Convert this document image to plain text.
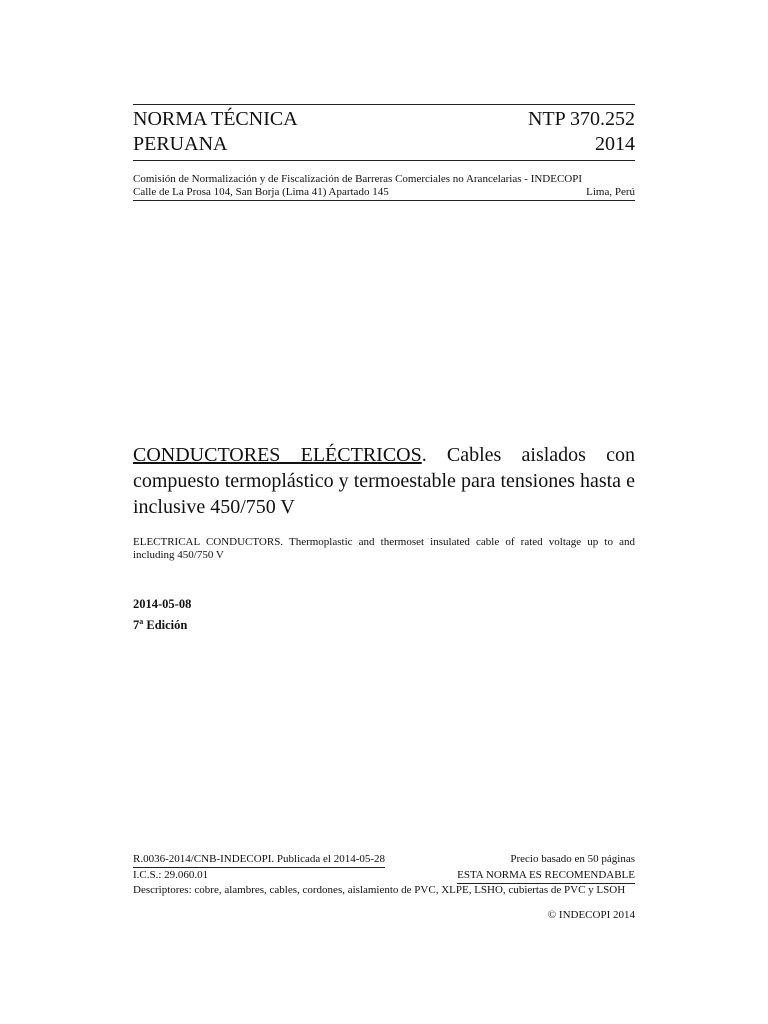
NORMA TÉCNICA	NTP 370.252
PERUANA	2014
Comisión de Normalización y de Fiscalización de Barreras Comerciales no Arancelarias - INDECOPI
Calle de La Prosa 104, San Borja (Lima 41) Apartado 145	Lima, Perú
CONDUCTORES ELÉCTRICOS. Cables aislados con compuesto termoplástico y termoestable para tensiones hasta e inclusive 450/750 V
ELECTRICAL CONDUCTORS. Thermoplastic and thermoset insulated cable of rated voltage up to and including 450/750 V
2014-05-08
7$^a$ Edición
R.0036-2014/CNB-INDECOPI. Publicada el 2014-05-28	Precio basado en 50 páginas
I.C.S.: 29.060.01	ESTA NORMA ES RECOMENDABLE
Descriptores: cobre, alambres, cables, cordones, aislamiento de PVC, XLPE, LSHO, cubiertas de PVC y LSOH
© INDECOPI 2014
